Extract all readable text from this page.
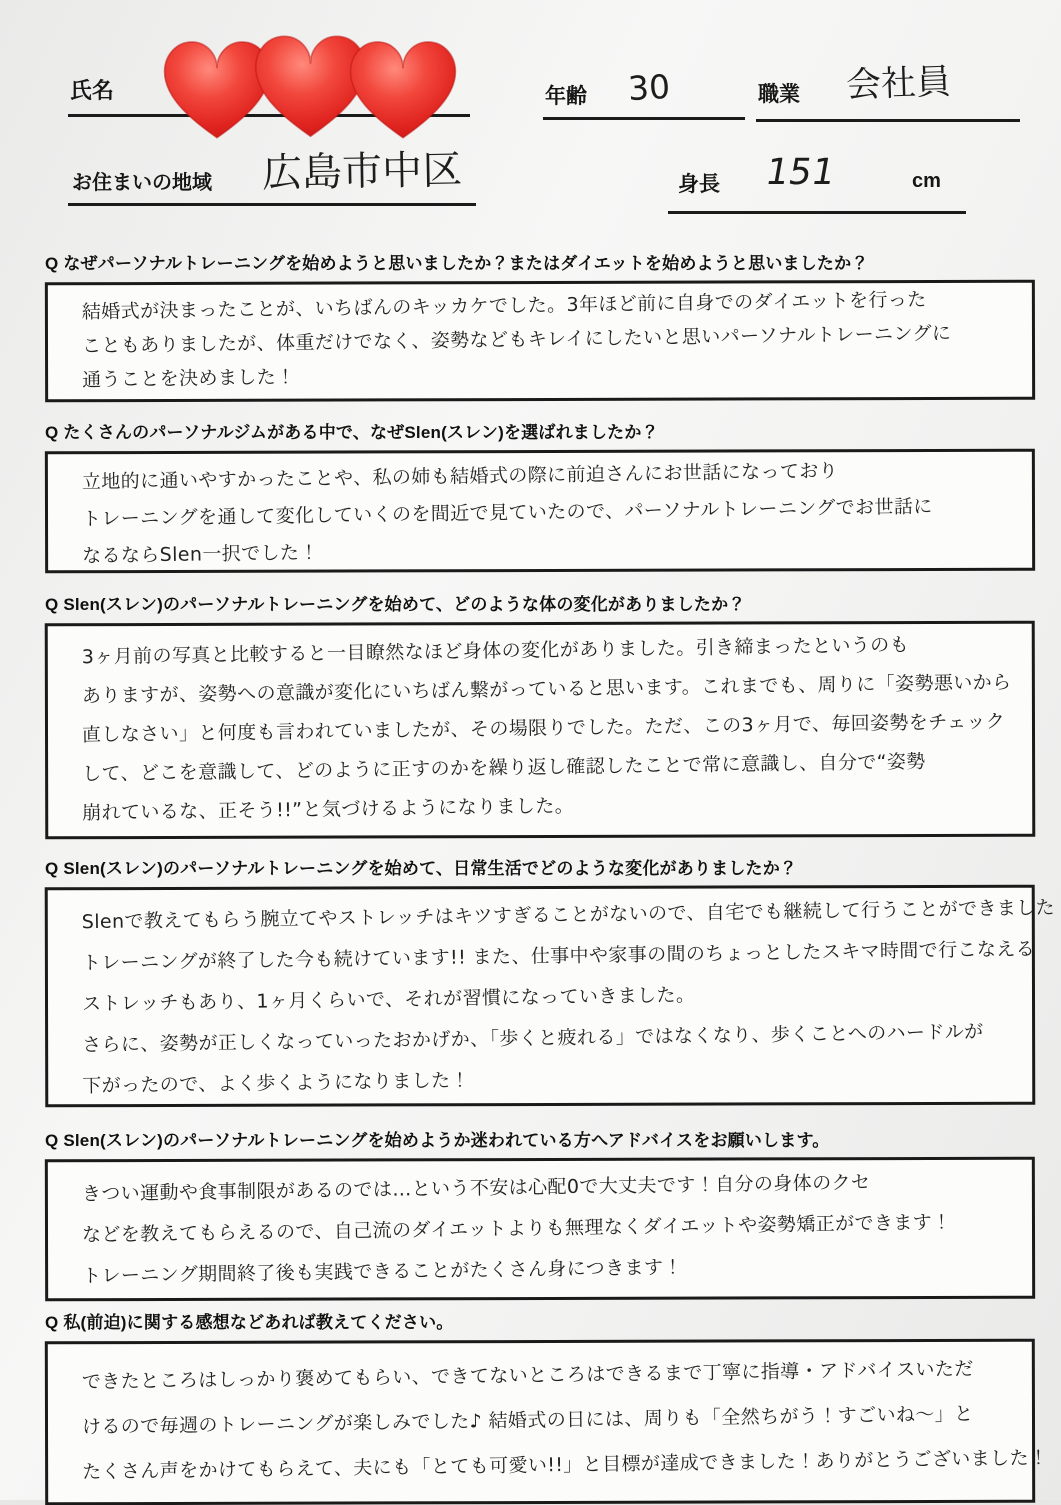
氏名	年齢 30	職業 会社員
お住まいの地域 広島市中区	身長 151	cm
Q なぜパーソナルトレーニングを始めようと思いましたか？またはダイエットを始めようと思いましたか？
結婚式が決まったことが、いちばんのキッカケでした。3年ほど前に自身でのダイエットを行った
こともありましたが、体重だけでなく、姿勢などもキレイにしたいと思いパーソナルトレーニングに
通うことを決めました！
Q たくさんのパーソナルジムがある中で、なぜSlen(スレン)を選ばれましたか？
立地的に通いやすかったことや、私の姉も結婚式の際に前迫さんにお世話になっており
トレーニングを通して変化していくのを間近で見ていたので、パーソナルトレーニングでお世話に
なるならSlen一択でした！
Q Slen(スレン)のパーソナルトレーニングを始めて、どのような体の変化がありましたか？
3ヶ月前の写真と比較すると一目瞭然なほど身体の変化がありました。引き締まったというのも
ありますが、姿勢への意識が変化にいちばん繋がっていると思います。これまでも、周りに「姿勢悪いから
直しなさい」と何度も言われていましたが、その場限りでした。ただ、この3ヶ月で、毎回姿勢をチェック
して、どこを意識して、どのように正すのかを繰り返し確認したことで常に意識し、自分で“姿勢
崩れているな、正そう!!”と気づけるようになりました。
Q Slen(スレン)のパーソナルトレーニングを始めて、日常生活でどのような変化がありましたか？
Slenで教えてもらう腕立てやストレッチはキツすぎることがないので、自宅でも継続して行うことができました
トレーニングが終了した今も続けています!! また、仕事中や家事の間のちょっとしたスキマ時間で行こなえる
ストレッチもあり、1ヶ月くらいで、それが習慣になっていきました。
さらに、姿勢が正しくなっていったおかげか、「歩くと疲れる」ではなくなり、歩くことへのハードルが
下がったので、よく歩くようになりました！
Q Slen(スレン)のパーソナルトレーニングを始めようか迷われている方へアドバイスをお願いします。
きつい運動や食事制限があるのでは…という不安は心配0で大丈夫です！自分の身体のクセ
などを教えてもらえるので、自己流のダイエットよりも無理なくダイエットや姿勢矯正ができます！
トレーニング期間終了後も実践できることがたくさん身につきます！
Q 私(前迫)に関する感想などあれば教えてください。
できたところはしっかり褒めてもらい、できてないところはできるまで丁寧に指導・アドバイスいただ
けるので毎週のトレーニングが楽しみでした♪ 結婚式の日には、周りも「全然ちがう！すごいね～」と
たくさん声をかけてもらえて、夫にも「とても可愛い!!」と目標が達成できました！ありがとうございました！
